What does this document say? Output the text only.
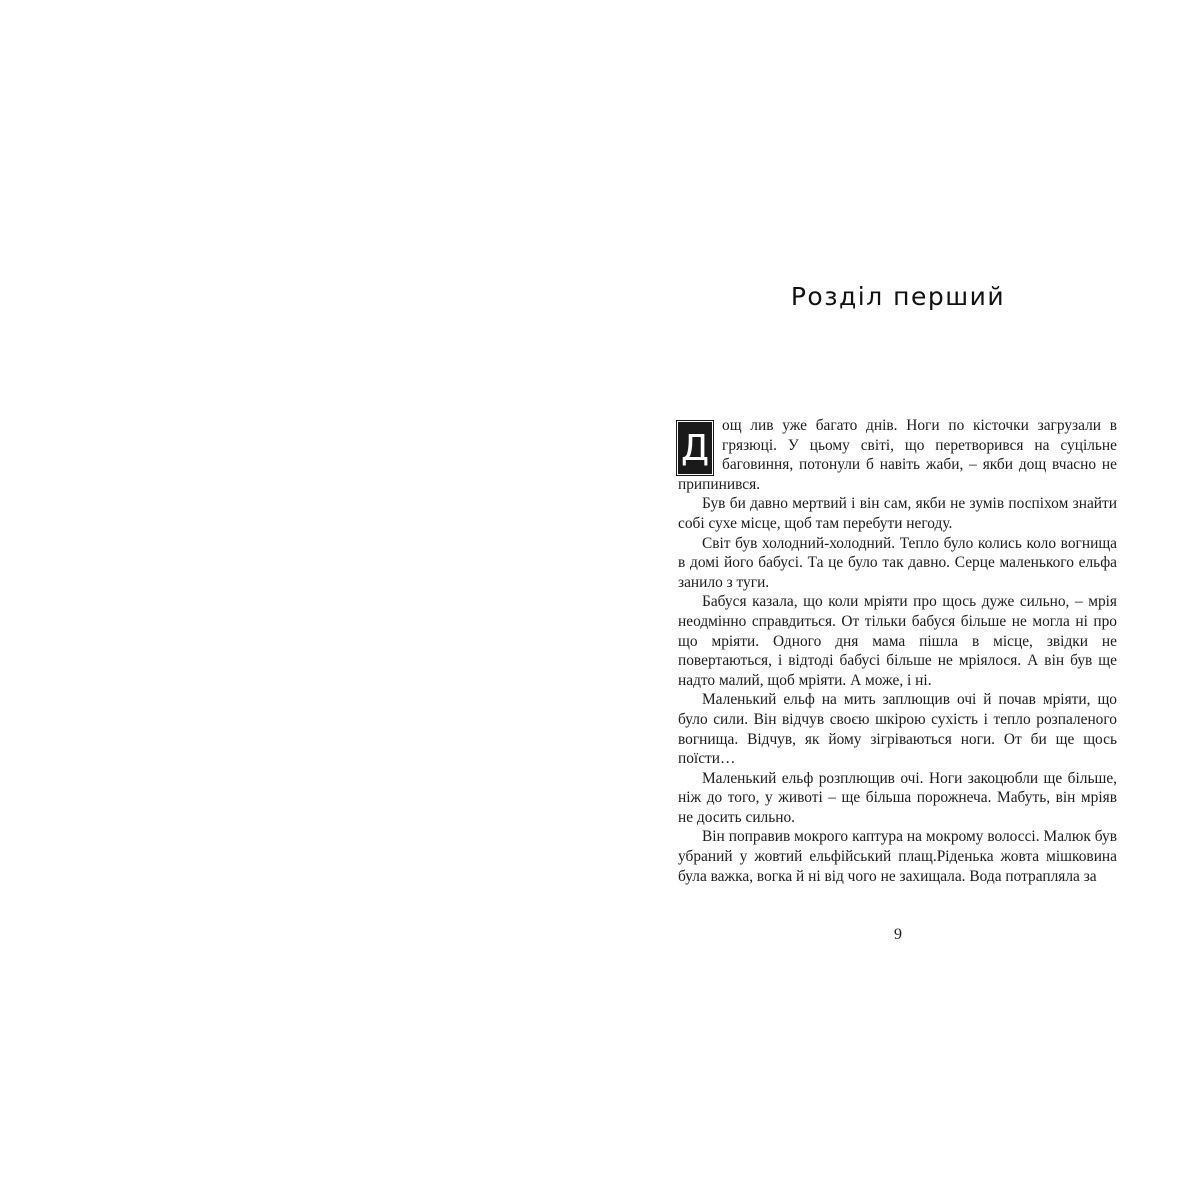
Розділ перший

Д
ощ лив уже багато днів. Ноги по кісточки загрузали в грязюці. У цьому світі, що перетворився на суцільне баговиння, потонули б навіть жаби, – якби дощ вчасно не припинився.

Був би давно мертвий і він сам, якби не зумів поспіхом знайти собі сухе місце, щоб там перебути негоду.

Світ був холодний-холодний. Тепло було колись коло вогнища в домі його бабусі. Та це було так давно. Серце маленького ельфа занило з туги.

Бабуся казала, що коли мріяти про щось дуже сильно, – мрія неодмінно справдиться. От тільки бабуся більше не могла ні про що мріяти. Одного дня мама пішла в місце, звідки не повертаються, і відтоді бабусі більше не мріялося. А він був ще надто малий, щоб мріяти. А може, і ні.

Маленький ельф на мить заплющив очі й почав мріяти, що було сили. Він відчув своєю шкірою сухість і тепло розпаленого вогнища. Відчув, як йому зігріваються ноги. От би ще щось поїсти…

Маленький ельф розплющив очі. Ноги закоцюбли ще більше, ніж до того, у животі – ще більша порожнеча. Мабуть, він мріяв не досить сильно.

Він поправив мокрого каптура на мокрому волоссі. Малюк був убраний у жовтий ельфійський плащ.Ріденька жовта мішковина була важка, вогка й ні від чого не захищала. Вода потрапляла за

9
